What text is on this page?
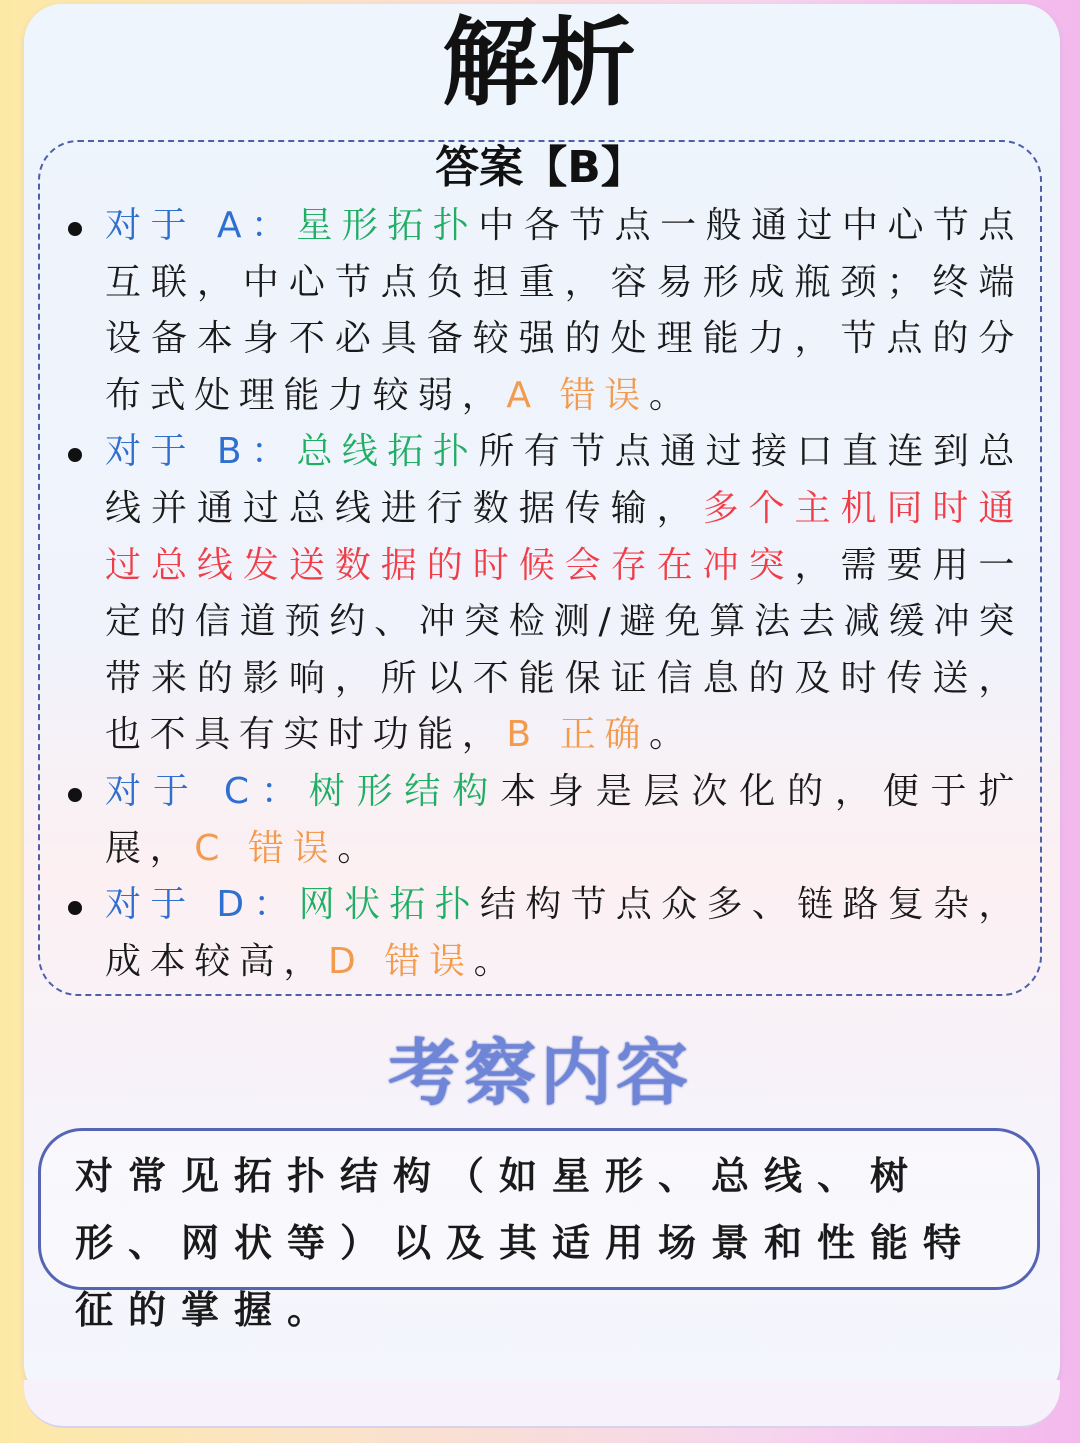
解析
答案【B】
对于 A：星形拓扑中各节点一般通过中心节点互联，中心节点负担重，容易形成瓶颈；终端设备本身不必具备较强的处理能力，节点的分布式处理能力较弱，A 错误。
对于 B：总线拓扑所有节点通过接口直连到总线并通过总线进行数据传输，多个主机同时通过总线发送数据的时候会存在冲突，需要用一定的信道预约、冲突检测/避免算法去减缓冲突带来的影响，所以不能保证信息的及时传送，也不具有实时功能，B 正确。
对于 C：树形结构本身是层次化的，便于扩展，C 错误。
对于 D：网状拓扑结构节点众多、链路复杂，成本较高，D 错误。
考察内容
对常见拓扑结构（如星形、总线、树形、网状等）以及其适用场景和性能特征的掌握。
